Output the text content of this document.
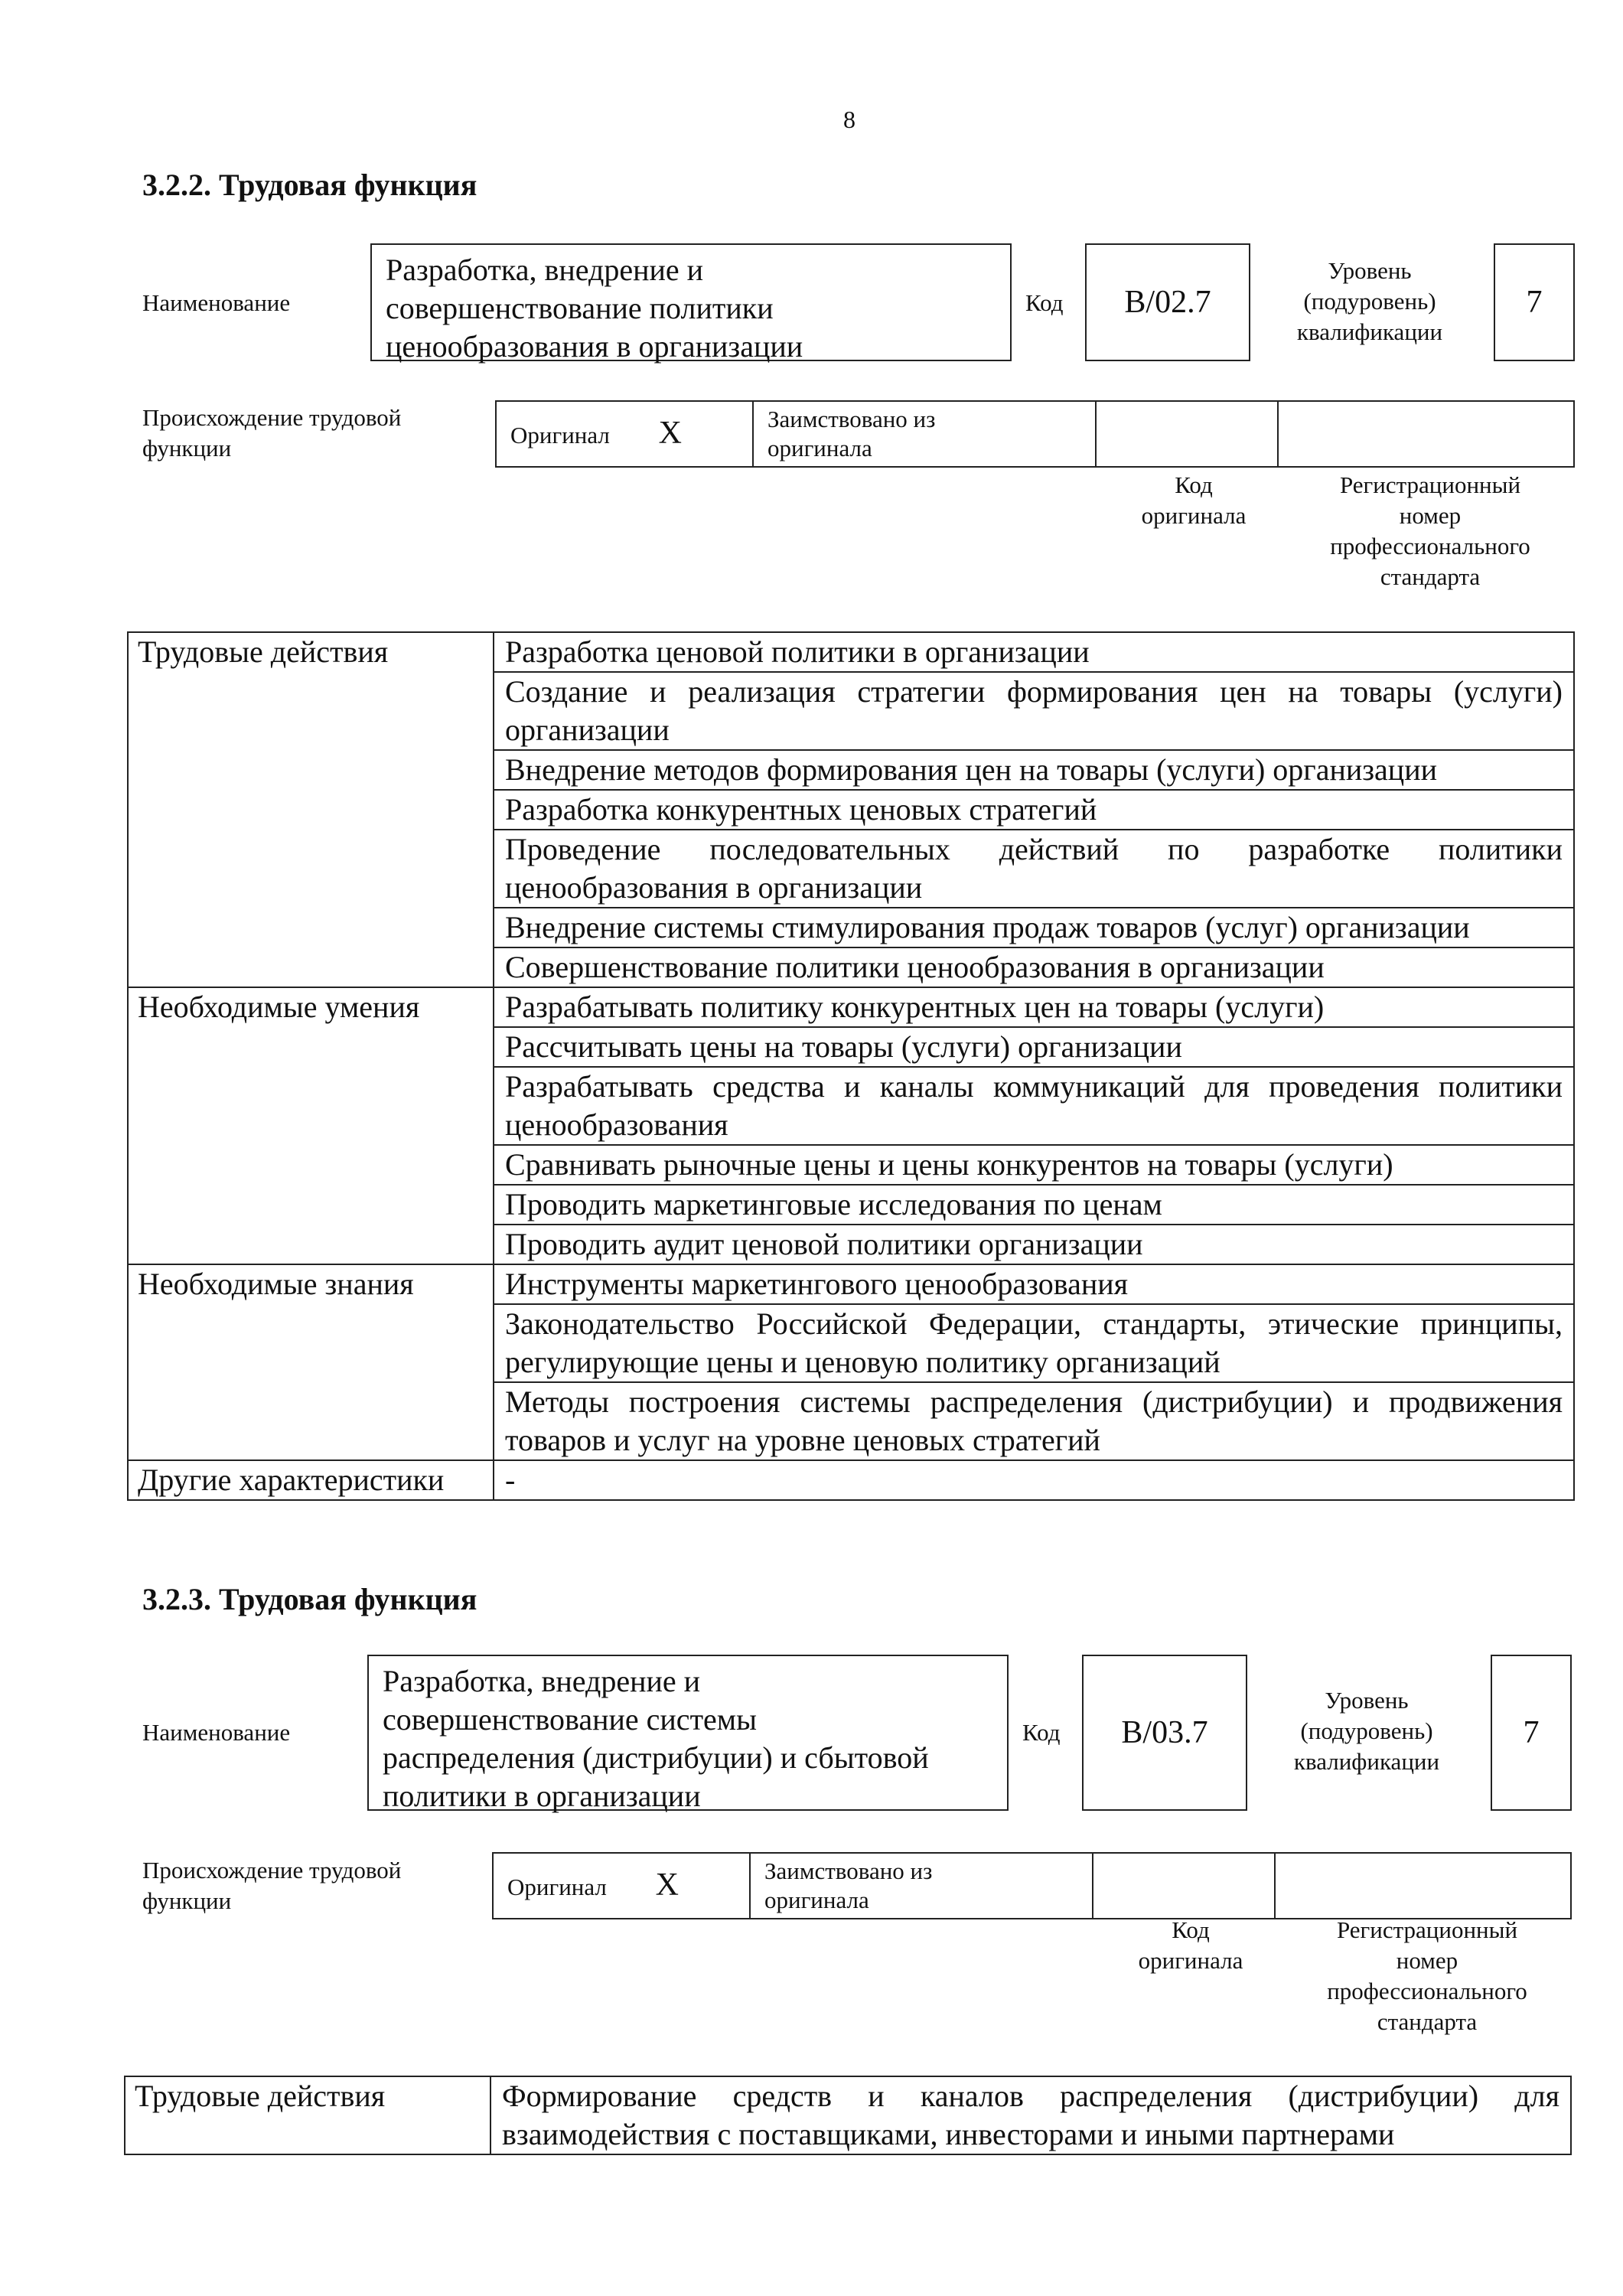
8
3.2.2. Трудовая функция
Наименование
Разработка, внедрение и
совершенствование политики
ценообразования в организации
Код	B/02.7
Уровень
(подуровень)
квалификации
7
Происхождение трудовой
функции	Оригинал X	Заимствовано из
оригинала

Код
оригинала
Регистрационный
номер
профессионального
стандарта
Трудовые действия	Разработка ценовой политики в организации
	Создание и реализация стратегии формирования цен на товары (услуги) организации
	Внедрение методов формирования цен на товары (услуги) организации
	Разработка конкурентных ценовых стратегий
	Проведение последовательных действий по разработке политики ценообразования в организации
	Внедрение системы стимулирования продаж товаров (услуг) организации
	Совершенствование политики ценообразования в организации
Необходимые умения	Разрабатывать политику конкурентных цен на товары (услуги)
	Рассчитывать цены на товары (услуги) организации
	Разрабатывать средства и каналы коммуникаций для проведения политики ценообразования
	Сравнивать рыночные цены и цены конкурентов на товары (услуги)
	Проводить маркетинговые исследования по ценам
	Проводить аудит ценовой политики организации
Необходимые знания	Инструменты маркетингового ценообразования
	Законодательство Российской Федерации, стандарты, этические принципы, регулирующие цены и ценовую политику организаций
	Методы построения системы распределения (дистрибуции) и продвижения товаров и услуг на уровне ценовых стратегий
Другие характеристики	-
3.2.3. Трудовая функция
Наименование
Разработка, внедрение и
совершенствование системы
распределения (дистрибуции) и сбытовой
политики в организации
Код	B/03.7
Уровень
(подуровень)
квалификации
7
Происхождение трудовой
функции
Оригинал X	Заимствовано из
оригинала

Код
оригинала
Регистрационный
номер
профессионального
стандарта
Трудовые действия	Формирование средств и каналов распределения (дистрибуции) для взаимодействия с поставщиками, инвесторами и иными партнерами
